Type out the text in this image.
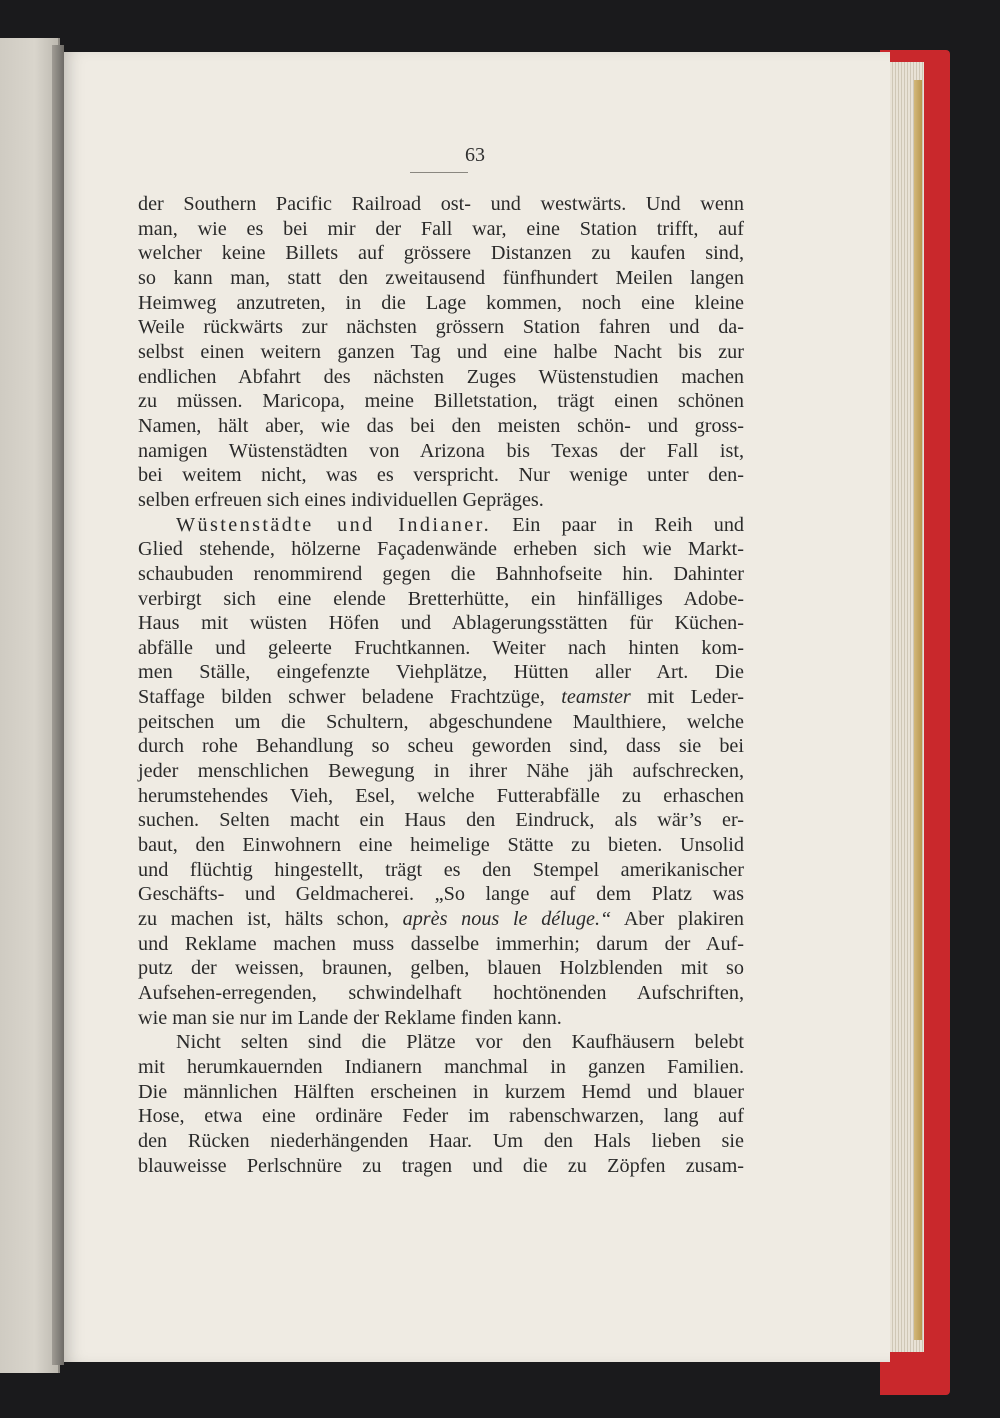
63
der Southern Pacific Railroad ost- und westwärts. Und wenn
man, wie es bei mir der Fall war, eine Station trifft, auf
welcher keine Billets auf grössere Distanzen zu kaufen sind,
so kann man, statt den zweitausend fünfhundert Meilen langen
Heimweg anzutreten, in die Lage kommen, noch eine kleine
Weile rückwärts zur nächsten grössern Station fahren und da-
selbst einen weitern ganzen Tag und eine halbe Nacht bis zur
endlichen Abfahrt des nächsten Zuges Wüstenstudien machen
zu müssen. Maricopa, meine Billetstation, trägt einen schönen
Namen, hält aber, wie das bei den meisten schön- und gross-
namigen Wüstenstädten von Arizona bis Texas der Fall ist,
bei weitem nicht, was es verspricht. Nur wenige unter den-
selben erfreuen sich eines individuellen Gepräges.
Wüstenstädte und Indianer. Ein paar in Reih und
Glied stehende, hölzerne Façadenwände erheben sich wie Markt-
schaubuden renommirend gegen die Bahnhofseite hin. Dahinter
verbirgt sich eine elende Bretterhütte, ein hinfälliges Adobe-
Haus mit wüsten Höfen und Ablagerungsstätten für Küchen-
abfälle und geleerte Fruchtkannen. Weiter nach hinten kom-
men Ställe, eingefenzte Viehplätze, Hütten aller Art. Die
Staffage bilden schwer beladene Frachtzüge, teamster mit Leder-
peitschen um die Schultern, abgeschundene Maulthiere, welche
durch rohe Behandlung so scheu geworden sind, dass sie bei
jeder menschlichen Bewegung in ihrer Nähe jäh aufschrecken,
herumstehendes Vieh, Esel, welche Futterabfälle zu erhaschen
suchen. Selten macht ein Haus den Eindruck, als wär’s er-
baut, den Einwohnern eine heimelige Stätte zu bieten. Unsolid
und flüchtig hingestellt, trägt es den Stempel amerikanischer
Geschäfts- und Geldmacherei. „So lange auf dem Platz was
zu machen ist, hälts schon, après nous le déluge.“ Aber plakiren
und Reklame machen muss dasselbe immerhin; darum der Auf-
putz der weissen, braunen, gelben, blauen Holzblenden mit so
Aufsehen-erregenden, schwindelhaft hochtönenden Aufschriften,
wie man sie nur im Lande der Reklame finden kann.
Nicht selten sind die Plätze vor den Kaufhäusern belebt
mit herumkauernden Indianern manchmal in ganzen Familien.
Die männlichen Hälften erscheinen in kurzem Hemd und blauer
Hose, etwa eine ordinäre Feder im rabenschwarzen, lang auf
den Rücken niederhängenden Haar. Um den Hals lieben sie
blauweisse Perlschnüre zu tragen und die zu Zöpfen zusam-
